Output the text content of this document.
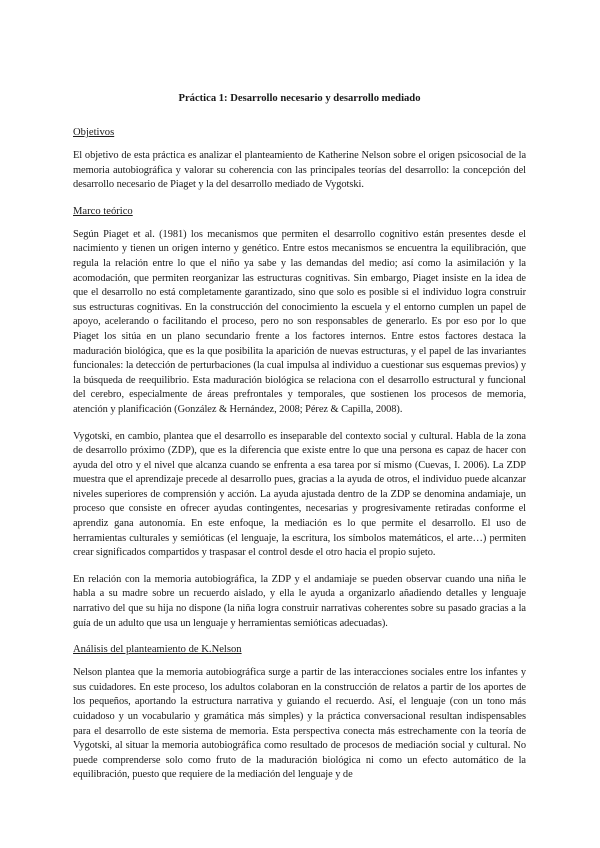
Práctica 1: Desarrollo necesario y desarrollo mediado
Objetivos

El objetivo de esta práctica es analizar el planteamiento de Katherine Nelson sobre el origen psicosocial de la memoria autobiográfica y valorar su coherencia con las principales teorías del desarrollo: la concepción del desarrollo necesario de Piaget y la del desarrollo mediado de Vygotski.

Marco teórico

Según Piaget et al. (1981) los mecanismos que permiten el desarrollo cognitivo están presentes desde el nacimiento y tienen un origen interno y genético. Entre estos mecanismos se encuentra la equilibración, que regula la relación entre lo que el niño ya sabe y las demandas del medio; así como la asimilación y la acomodación, que permiten reorganizar las estructuras cognitivas. Sin embargo, Piaget insiste en la idea de que el desarrollo no está completamente garantizado, sino que solo es posible si el individuo logra construir sus estructuras cognitivas. En la construcción del conocimiento la escuela y el entorno cumplen un papel de apoyo, acelerando o facilitando el proceso, pero no son responsables de generarlo. Es por eso por lo que Piaget los sitúa en un plano secundario frente a los factores internos. Entre estos factores destaca la maduración biológica, que es la que posibilita la aparición de nuevas estructuras, y el papel de las invariantes funcionales: la detección de perturbaciones (la cual impulsa al individuo a cuestionar sus esquemas previos) y la búsqueda de reequilibrio. Esta maduración biológica se relaciona con el desarrollo estructural y funcional del cerebro, especialmente de áreas prefrontales y temporales, que sostienen los procesos de memoria, atención y planificación (González & Hernández, 2008; Pérez & Capilla, 2008).

Vygotski, en cambio, plantea que el desarrollo es inseparable del contexto social y cultural. Habla de la zona de desarrollo próximo (ZDP), que es la diferencia que existe entre lo que una persona es capaz de hacer con ayuda del otro y el nivel que alcanza cuando se enfrenta a esa tarea por sí mismo (Cuevas, I. 2006). La ZDP muestra que el aprendizaje precede al desarrollo pues, gracias a la ayuda de otros, el individuo puede alcanzar niveles superiores de comprensión y acción. La ayuda ajustada dentro de la ZDP se denomina andamiaje, un proceso que consiste en ofrecer ayudas contingentes, necesarias y progresivamente retiradas conforme el aprendiz gana autonomía. En este enfoque, la mediación es lo que permite el desarrollo. El uso de herramientas culturales y semióticas (el lenguaje, la escritura, los símbolos matemáticos, el arte…) permiten crear significados compartidos y traspasar el control desde el otro hacia el propio sujeto.

En relación con la memoria autobiográfica, la ZDP y el andamiaje se pueden observar cuando una niña le habla a su madre sobre un recuerdo aislado, y ella le ayuda a organizarlo añadiendo detalles y lenguaje narrativo del que su hija no dispone (la niña logra construir narrativas coherentes sobre su pasado gracias a la guía de un adulto que usa un lenguaje y herramientas semióticas adecuadas).

Análisis del planteamiento de K.Nelson

Nelson plantea que la memoria autobiográfica surge a partir de las interacciones sociales entre los infantes y sus cuidadores. En este proceso, los adultos colaboran en la construcción de relatos a partir de los aportes de los pequeños, aportando la estructura narrativa y guiando el recuerdo. Así, el lenguaje (con un tono más cuidadoso y un vocabulario y gramática más simples) y la práctica conversacional resultan indispensables para el desarrollo de este sistema de memoria. Esta perspectiva conecta más estrechamente con la teoría de Vygotski, al situar la memoria autobiográfica como resultado de procesos de mediación social y cultural. No puede comprenderse solo como fruto de la maduración biológica ni como un efecto automático de la equilibración, puesto que requiere de la mediación del lenguaje y de
